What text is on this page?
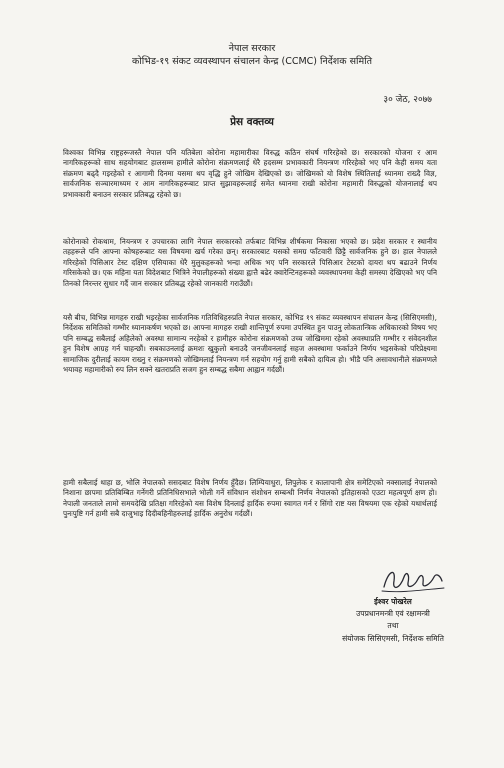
नेपाल सरकार
कोभिड-१९ संकट व्यवस्थापन संचालन केन्द्र (CCMC) निर्देशक समिति
३० जेठ, २०७७
प्रेस वक्तव्य
विश्वका विभिन्न राष्ट्रहरूजस्तै नेपाल पनि यतिबेला कोरोना महामारीका विरुद्ध कठिन संघर्ष गरिरहेको छ। सरकारको योजना र आम नागरिकहरूको साथ सहयोगबाट हालसम्म हामीले कोरोना संक्रमणलाई धेरै हदसम्म प्रभावकारी नियन्त्रण गरिरहेको भए पनि केही समय यता संक्रमण बढ्दै गइरहेको र आगामी दिनमा यसमा थप वृद्धि हुने जोखिम देखिएको छ। जोखिमको यो विशेष स्थितिलाई ध्यानमा राख्दै विज्ञ, सार्वजनिक सञ्चारमाध्यम र आम नागरिकहरूबाट प्राप्त सुझावहरूलाई समेत ध्यानमा राखी कोरोना महामारी विरुद्धको योजनालाई थप प्रभावकारी बनाउन सरकार प्रतिबद्ध रहेको छ।
कोरोनाको रोकथाम, नियन्त्रण र उपचारका लागि नेपाल सरकारको तर्फबाट विभिन्न शीर्षकमा निकासा भएको छ। प्रदेश सरकार र स्थानीय तहहरूले पनि आफ्ना कोषहरूबाट यस विषयमा खर्च गरेका छन्। सरकारबाट यसको समग्र फाँटवारी छिट्टै सार्वजनिक हुने छ। हाल नेपालले गरिरहेको पिसिआर टेस्ट दक्षिण एसियाका धेरै मुलुकहरूको भन्दा अधिक भए पनि सरकारले पिसिआर टेस्टको दायरा थप बढाउने निर्णय गरिसकेको छ। एक महिना यता विदेशबाट भित्रिने नेपालीहरूको संख्या ह्वात्तै बढेर क्वारेन्टिनहरूको व्यवस्थापनमा केही समस्या देखिएको भए पनि तिनको निरन्तर सुधार गर्दै जान सरकार प्रतिबद्ध रहेको जानकारी गराउँछौं।
यसै बीच, विभिन्न मागहरु राखी भइरहेका सार्वजनिक गतिविधिहरुप्रति नेपाल सरकार, कोभिड १९ संकट व्यवस्थापन संचालन केन्द्र (सिसिएमसी), निर्देशक समितिको गम्भीर ध्यानाकर्षण भएको छ। आफ्ना मागहरु राखी शान्तिपूर्ण रुपमा उपस्थित हुन पाउनु लोकतान्त्रिक अधिकारको विषय भए पनि सम्बद्ध सबैलाई अहिलेको अवस्था सामान्य नरहेको र हामीहरु कोरोना संक्रमणको उच्च जोखिममा रहेको अवस्थाप्रति गम्भीर र संवेदनशील हुन विशेष आग्रह गर्न चाहन्छौं। सबकाउनलाई क्रमशः खुकुलो बनाउदै जनजीवनलाई सहज अवस्थामा फर्काउने निर्णय भइसकेको परिप्रेक्ष्यमा सामाजिक दुरीलाई कायम राख्नु र संक्रमणको जोखिमलाई नियन्त्रण गर्न सहयोग गर्नु हामी सबैको दायित्व हो। भीडै पनि असावधानीले संक्रमणले भयावह महामारीको रुप लिन सक्ने खतराप्रति सजग हुन सम्बद्ध सबैमा आह्वान गर्दछौं।
हामी सबैलाई थाहा छ, भोलि नेपालको ससदबाट विशेष निर्णय हुँदैछ। लिम्पियाधुरा, लिपुलेक र कालापानी क्षेत्र समेटिएको नक्सालाई नेपालको निशाना छापमा प्रतिबिम्बित गर्नेगरी प्रतिनिधिसभाले भोली गर्ने संविधान संशोधन सम्बन्धी निर्णय नेपालको इतिहासको एउटा महत्वपूर्ण क्षण हो। नेपाली जनताले लामो समयदेखि प्रतिक्षा गरिरहेको यस विशेष दिनलाई हार्दिक रुपमा स्वागत गर्न र सिंगो राष्ट यस विषयमा एक रहेको यथार्थलाई पुनःपुष्टि गर्न हामी सबै दाजुभाइ दिदीबहिनीहरुलाई हार्दिक अनुरोध गर्दछौं।
ईश्वर पोखरेल
उपप्रधानमन्त्री एवं रक्षामन्त्री
तथा
संयोजक सिसिएमसी, निर्देशक समिति
